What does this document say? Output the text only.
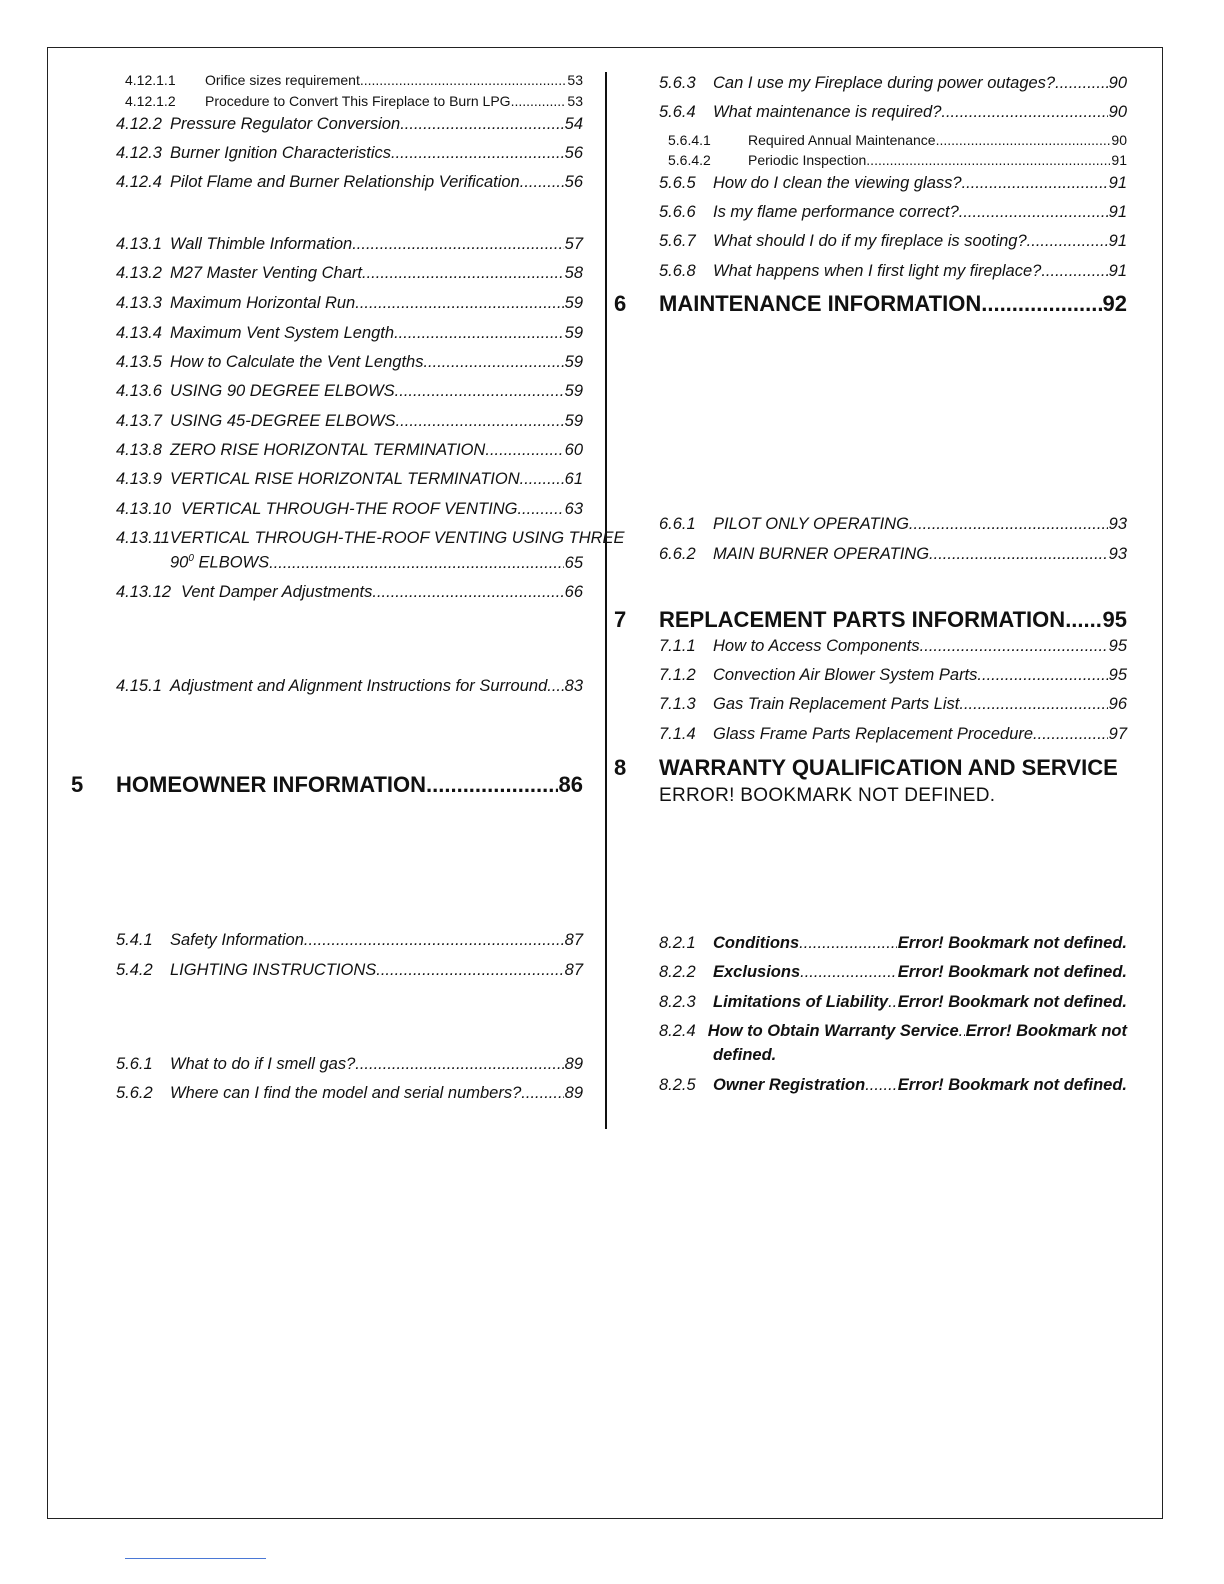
4.12.1.1	Orifice sizes requirement .....	53
4.12.1.2	Procedure to Convert This Fireplace to Burn LPG .....	53
4.12.2 Pressure Regulator Conversion .....	54
4.12.3 Burner Ignition Characteristics .....	56
4.12.4 Pilot Flame and Burner Relationship Verification .....	56
4.13.1 Wall Thimble Information .....	57
4.13.2 M27 Master Venting Chart .....	58
4.13.3 Maximum Horizontal Run .....	59
4.13.4 Maximum Vent System Length .....	59
4.13.5 How to Calculate the Vent Lengths .....	59
4.13.6 USING 90 DEGREE ELBOWS .....	59
4.13.7 USING 45-DEGREE ELBOWS .....	59
4.13.8 ZERO RISE HORIZONTAL TERMINATION .....	60
4.13.9 VERTICAL RISE HORIZONTAL TERMINATION .....	61
4.13.10 VERTICAL THROUGH-THE ROOF VENTING .....	63
4.13.11 VERTICAL THROUGH-THE-ROOF VENTING USING THREE
$90^0$ ELBOWS .....	65
4.13.12 Vent Damper Adjustments .....	66
4.15.1 Adjustment and Alignment Instructions for Surround ..... 83
5	HOMEOWNER INFORMATION .....	86
5.4.1	Safety Information .....	87
5.4.2	LIGHTING INSTRUCTIONS .....	87
5.6.1	What to do if I smell gas? .....	89
5.6.2	Where can I find the model and serial numbers? .....	89
5.6.3	Can I use my Fireplace during power outages? .....	90
5.6.4	What maintenance is required? .....	90
5.6.4.1	Required Annual Maintenance .....	90
5.6.4.2	Periodic Inspection .....	91
5.6.5	How do I clean the viewing glass? .....	91
5.6.6	Is my flame performance correct? .....	91
5.6.7	What should I do if my fireplace is sooting? .....	91
5.6.8	What happens when I first light my fireplace? .....	91
6	MAINTENANCE INFORMATION .....	92
6.6.1	PILOT ONLY OPERATING .....	93
6.6.2	MAIN BURNER OPERATING .....	93
7	REPLACEMENT PARTS INFORMATION ..... 95
7.1.1	How to Access Components .....	95
7.1.2	Convection Air Blower System Parts .....	95
7.1.3	Gas Train Replacement Parts List .....	96
7.1.4	Glass Frame Parts Replacement Procedure .....	97
8 WARRANTY QUALIFICATION AND SERVICE
ERROR! BOOKMARK NOT DEFINED.
8.2.1	Conditions .....	Error! Bookmark not defined.
8.2.2	Exclusions .....	Error! Bookmark not defined.
8.2.3	Limitations of Liability ..... Error! Bookmark not defined.
8.2.4 How to Obtain Warranty Service ..... Error! Bookmark not
defined.
8.2.5	Owner Registration ..... Error! Bookmark not defined.
